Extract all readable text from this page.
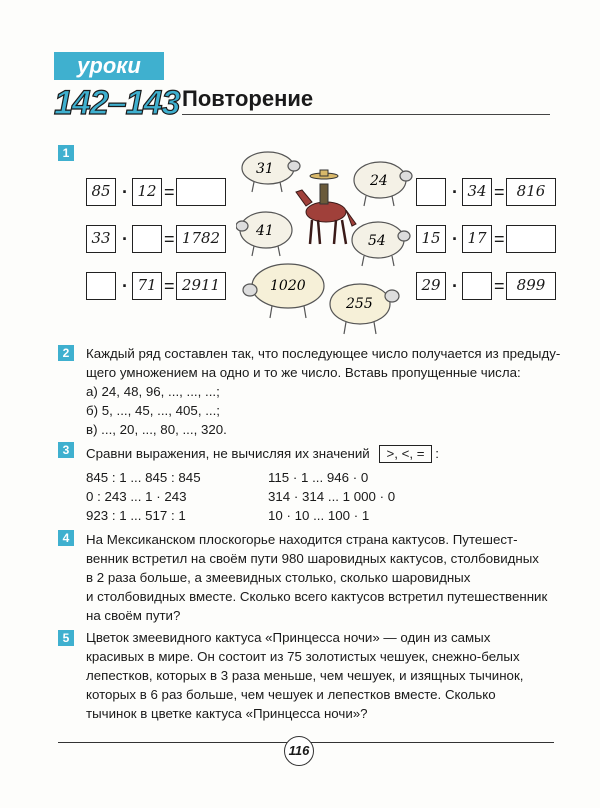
уроки
142–143 Повторение
1
85 · 12 =
33 · = 1782
· 71 = 2911
· 34 = 816
15 · 17 =
29 · = 899
31
24
41
54
1020
255
2	Каждый ряд составлен так, что последующее число получается из предыду-
щего умножением на одно и то же число. Вставь пропущенные числа:
а) 24, 48, 96, ..., ..., ...;
б) 5, ..., 45, ..., 405, ...;
в) ..., 20, ..., 80, ..., 320.
3	Сравни выражения, не вычисляя их значений >, <, = :
845 : 1 ... 845 : 845
0 : 243 ... 1 · 243
923 : 1 ... 517 : 1
115 · 1 ... 946 · 0
314 · 314 ... 1 000 · 0
10 · 10 ... 100 · 1
4	На Мексиканском плоскогорье находится страна кактусов. Путешест-
венник встретил на своём пути 980 шаровидных кактусов, столбовидных
в 2 раза больше, а змеевидных столько, сколько шаровидных
и столбовидных вместе. Сколько всего кактусов встретил путешественник
на своём пути?
5	Цветок змеевидного кактуса «Принцесса ночи» — один из самых
красивых в мире. Он состоит из 75 золотистых чешуек, снежно-белых
лепестков, которых в 3 раза меньше, чем чешуек, и изящных тычинок,
которых в 6 раз больше, чем чешуек и лепестков вместе. Сколько
тычинок в цветке кактуса «Принцесса ночи»?
116
